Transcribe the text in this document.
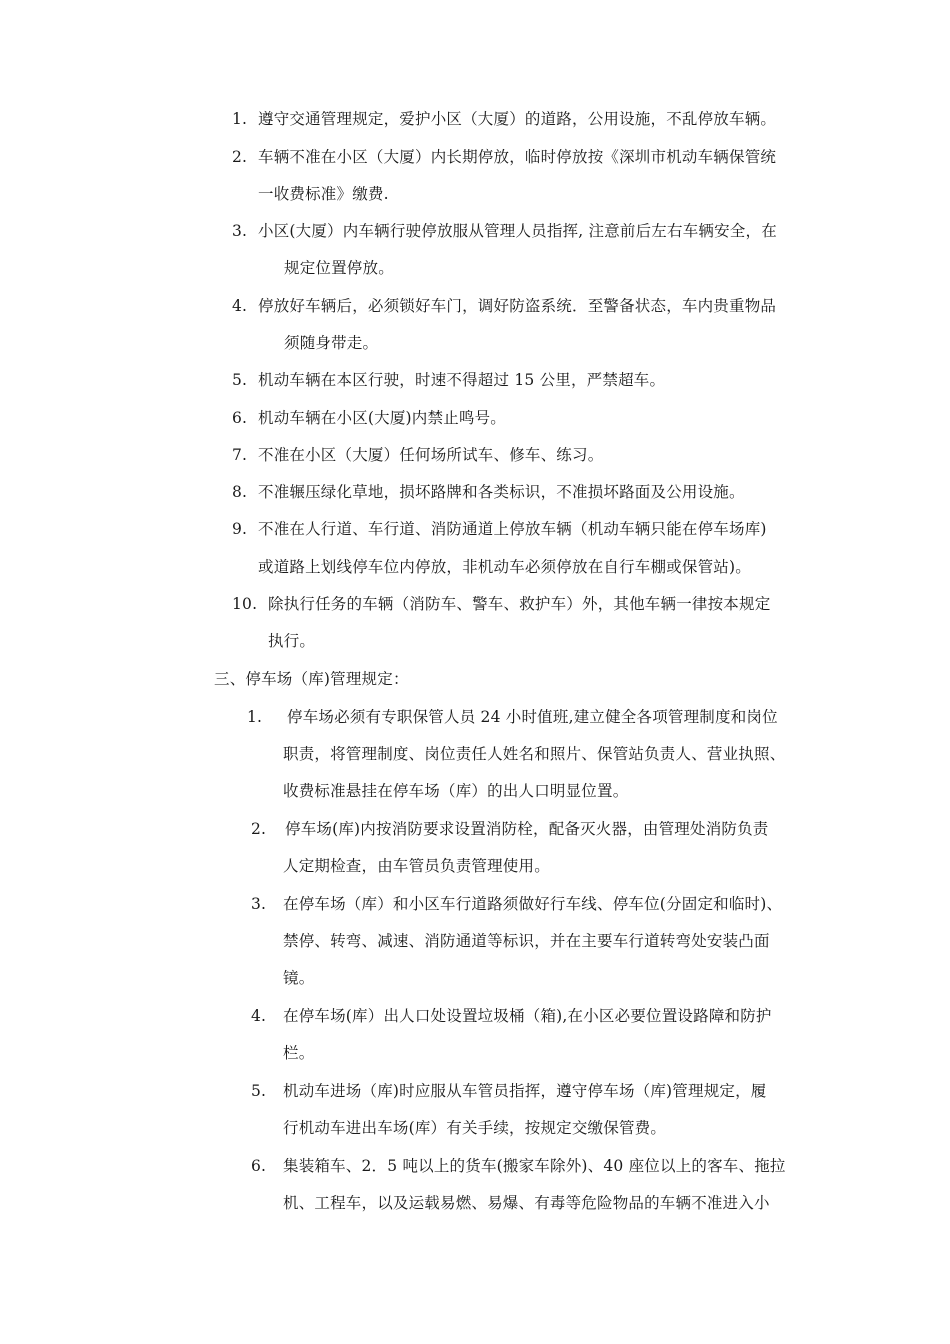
1. 遵守交通管理规定，爱护小区（大厦）的道路，公用设施，不乱停放车辆。
2. 车辆不准在小区（大厦）内长期停放，临时停放按《深圳市机动车辆保管统
一收费标准》缴费.
3. 小区(大厦）内车辆行驶停放服从管理人员指挥, 注意前后左右车辆安全，在
规定位置停放。
4. 停放好车辆后，必须锁好车门，调好防盗系统．至警备状态，车内贵重物品
须随身带走。
5. 机动车辆在本区行驶，时速不得超过 15 公里，严禁超车。
6. 机动车辆在小区(大厦)内禁止鸣号。
7. 不准在小区（大厦）任何场所试车、修车、练习。
8. 不准辗压绿化草地，损坏路牌和各类标识，不准损坏路面及公用设施。
9. 不准在人行道、车行道、消防通道上停放车辆（机动车辆只能在停车场库)
或道路上划线停车位内停放，非机动车必须停放在自行车棚或保管站)。
10. 除执行任务的车辆（消防车、警车、救护车）外，其他车辆一律按本规定
执行。
三、停车场（库)管理规定：
1. 停车场必须有专职保管人员 24 小时值班,建立健全各项管理制度和岗位
职责，将管理制度、岗位责任人姓名和照片、保管站负责人、营业执照、
收费标准悬挂在停车场（库）的出人口明显位置。
2. 停车场(库)内按消防要求设置消防栓，配备灭火器，由管理处消防负责
人定期检查，由车管员负责管理使用。
3. 在停车场（库）和小区车行道路须做好行车线、停车位(分固定和临时)、
禁停、转弯、减速、消防通道等标识，并在主要车行道转弯处安装凸面
镜。
4. 在停车场(库）出人口处设置垃圾桶（箱),在小区必要位置设路障和防护
栏。
5. 机动车进场（库)时应服从车管员指挥，遵守停车场（库)管理规定，履
行机动车进出车场(库）有关手续，按规定交缴保管费。
6. 集装箱车、2．5 吨以上的货车(搬家车除外)、40 座位以上的客车、拖拉
机、工程车，以及运载易燃、易爆、有毒等危险物品的车辆不准进入小
